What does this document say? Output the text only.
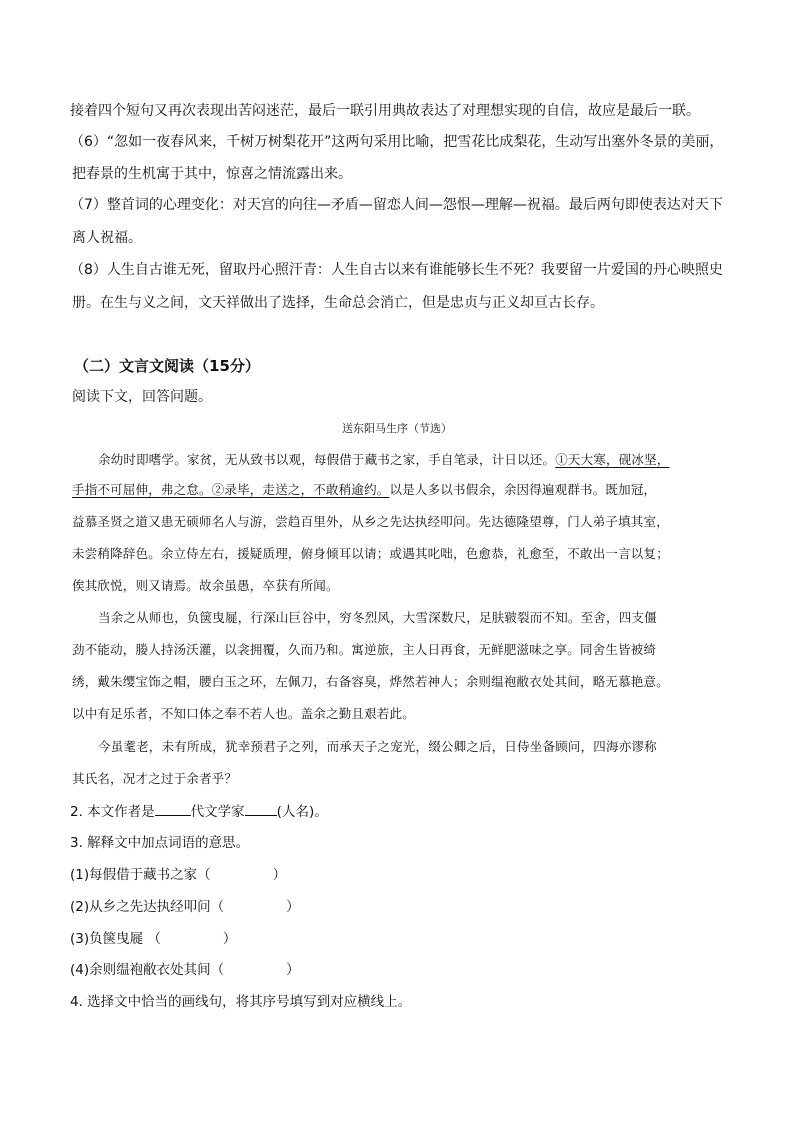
接着四个短句又再次表现出苦闷迷茫，最后一联引用典故表达了对理想实现的自信，故应是最后一联。
（6）“忽如一夜春风来，千树万树梨花开”这两句采用比喻，把雪花比成梨花，生动写出塞外冬景的美丽，
把春景的生机寓于其中，惊喜之情流露出来。
（7）整首词的心理变化：对天宫的向往—矛盾—留恋人间—怨恨—理解—祝福。最后两句即使表达对天下
离人祝福。
（8）人生自古谁无死，留取丹心照汗青：人生自古以来有谁能够长生不死？我要留一片爱国的丹心映照史
册。在生与义之间，文天祥做出了选择，生命总会消亡，但是忠贞与正义却亘古长存。
（二）文言文阅读（15分）
阅读下文，回答问题。
送东阳马生序（节选）
余幼时即嗜学。家贫，无从致书以观，每假借于藏书之家，手自笔录，计日以还。①天大寒，砚冰坚，
手指不可屈伸，弗之怠。②录毕，走送之，不敢稍逾约。以是人多以书假余，余因得遍观群书。既加冠，
益慕圣贤之道又患无硕师名人与游，尝趋百里外，从乡之先达执经叩问。先达德隆望尊，门人弟子填其室，
未尝稍降辞色。余立侍左右，援疑质理，俯身倾耳以请；或遇其叱咄，色愈恭，礼愈至，不敢出一言以复；
俟其欣悦，则又请焉。故余虽愚，卒获有所闻。
当余之从师也，负箧曳屣，行深山巨谷中，穷冬烈风，大雪深数尺，足肤皲裂而不知。至舍，四支僵
劲不能动，媵人持汤沃灌，以衾拥覆，久而乃和。寓逆旅，主人日再食，无鲜肥滋味之享。同舍生皆被绮
绣，戴朱缨宝饰之帽，腰白玉之环，左佩刀，右备容臭，烨然若神人；余则缊袍敝衣处其间，略无慕艳意。
以中有足乐者，不知口体之奉不若人也。盖余之勤且艰若此。
今虽耄老，未有所成，犹幸预君子之列，而承天子之宠光，缀公卿之后，日侍坐备顾问，四海亦谬称
其氏名，况才之过于余者乎？
2. 本文作者是	代文学家 (人名)。
3. 解释文中加点词语的意思。
(1)每假借于藏书之家（	）
(2)从乡之先达执经叩问（	）
(3)负箧曳屣 （	）
(4)余则缊袍敝衣处其间（	）
4. 选择文中恰当的画线句，将其序号填写到对应横线上。
